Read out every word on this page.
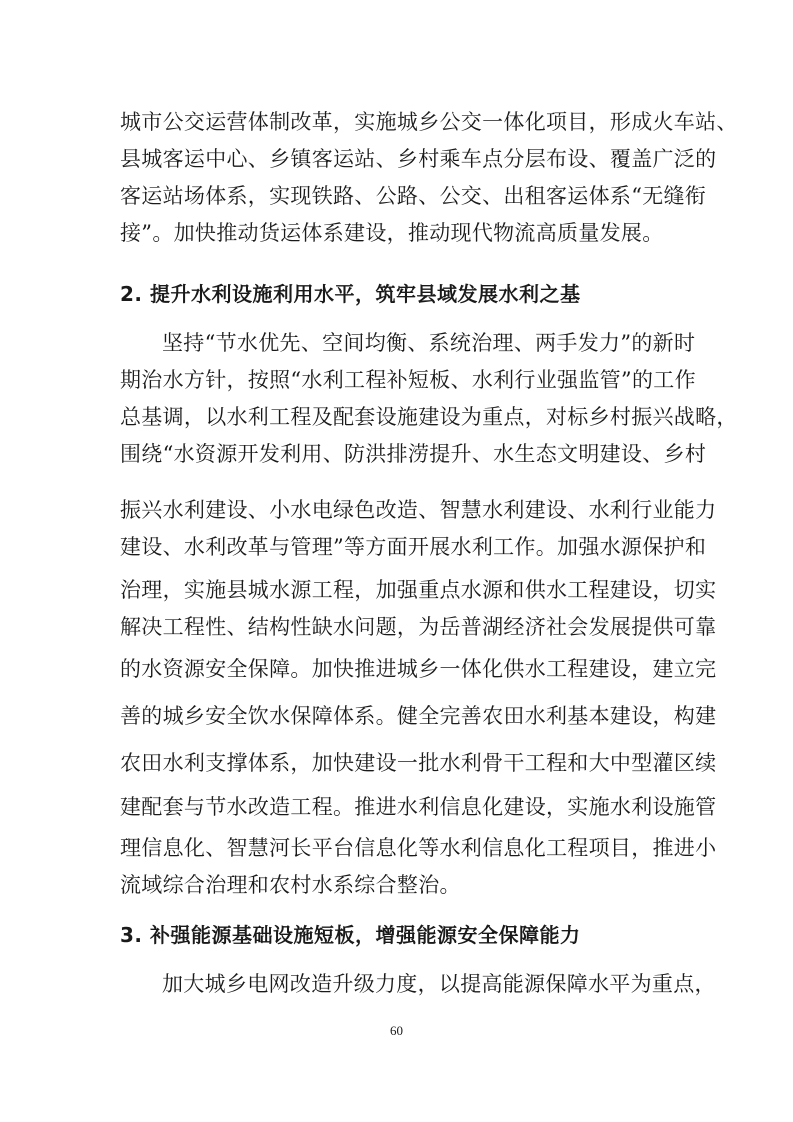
城市公交运营体制改革，实施城乡公交一体化项目，形成火车站、
县城客运中心、乡镇客运站、乡村乘车点分层布设、覆盖广泛的
客运站场体系，实现铁路、公路、公交、出租客运体系“无缝衔
接”。加快推动货运体系建设，推动现代物流高质量发展。
2. 提升水利设施利用水平，筑牢县域发展水利之基
坚持“节水优先、空间均衡、系统治理、两手发力”的新时
期治水方针，按照“水利工程补短板、水利行业强监管”的工作
总基调，以水利工程及配套设施建设为重点，对标乡村振兴战略，
围绕“水资源开发利用、防洪排涝提升、水生态文明建设、乡村
振兴水利建设、小水电绿色改造、智慧水利建设、水利行业能力
建设、水利改革与管理”等方面开展水利工作。加强水源保护和
治理，实施县城水源工程，加强重点水源和供水工程建设，切实
解决工程性、结构性缺水问题，为岳普湖经济社会发展提供可靠
的水资源安全保障。加快推进城乡一体化供水工程建设，建立完
善的城乡安全饮水保障体系。健全完善农田水利基本建设，构建
农田水利支撑体系，加快建设一批水利骨干工程和大中型灌区续
建配套与节水改造工程。推进水利信息化建设，实施水利设施管
理信息化、智慧河长平台信息化等水利信息化工程项目，推进小
流域综合治理和农村水系综合整治。
3. 补强能源基础设施短板，增强能源安全保障能力
加大城乡电网改造升级力度，以提高能源保障水平为重点，
60
